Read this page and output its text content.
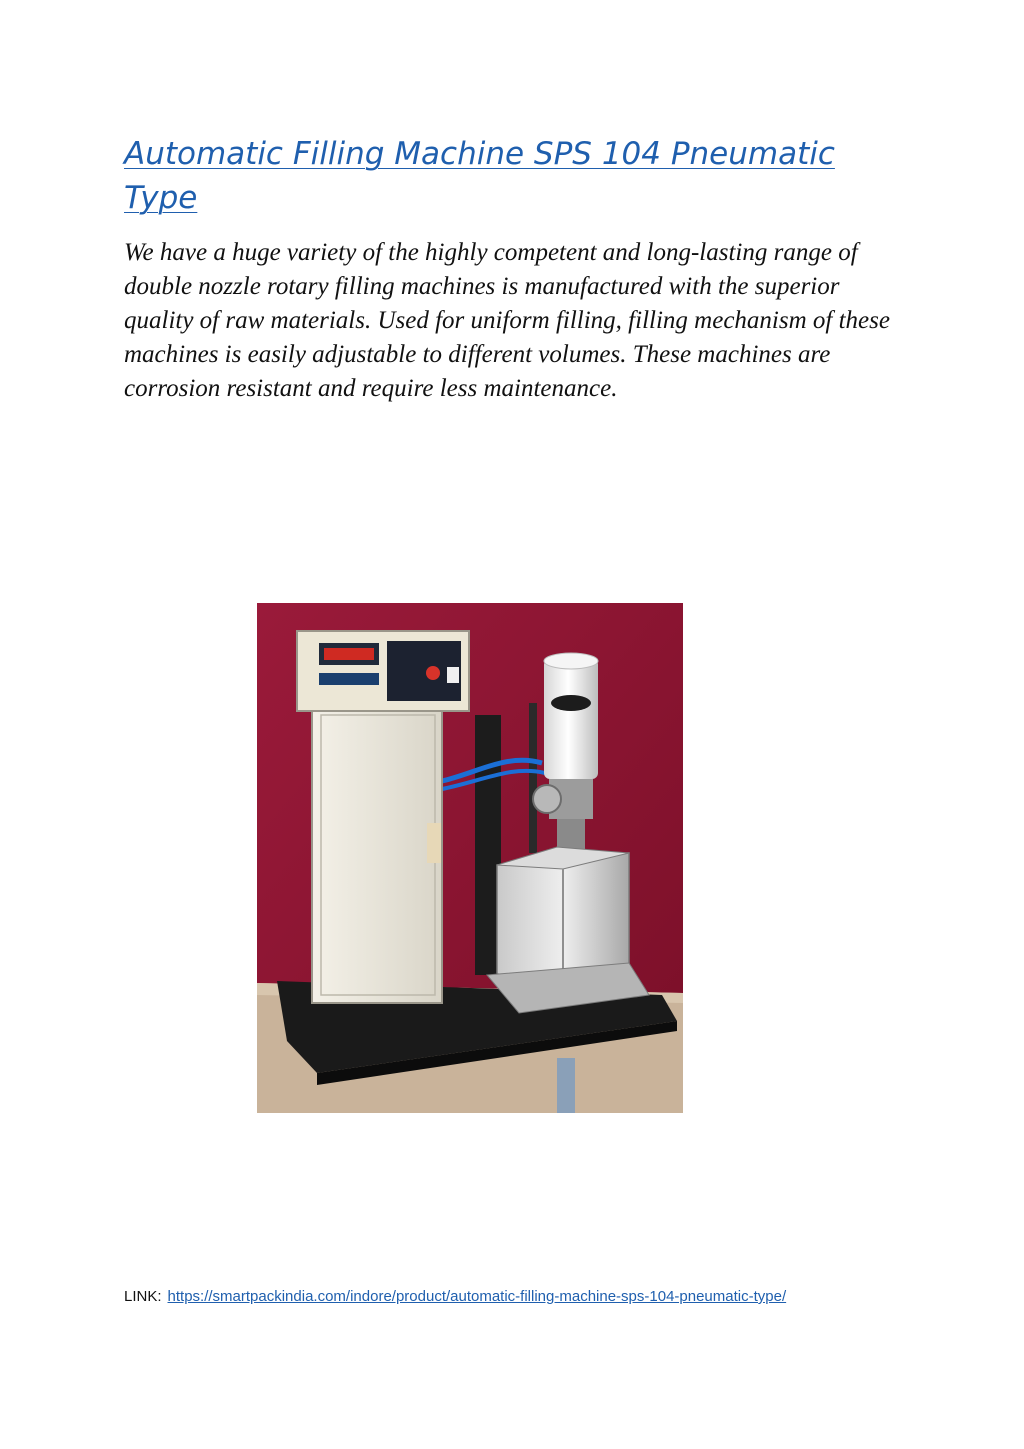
Automatic Filling Machine SPS 104 Pneumatic Type

We have a huge variety of the highly competent and long-lasting range of double nozzle rotary filling machines is manufactured with the superior quality of raw materials. Used for uniform filling, filling mechanism of these machines is easily adjustable to different volumes. These machines are corrosion resistant and require less maintenance.

LINK: https://smartpackindia.com/indore/product/automatic-filling-machine-sps-104-pneumatic-type/
